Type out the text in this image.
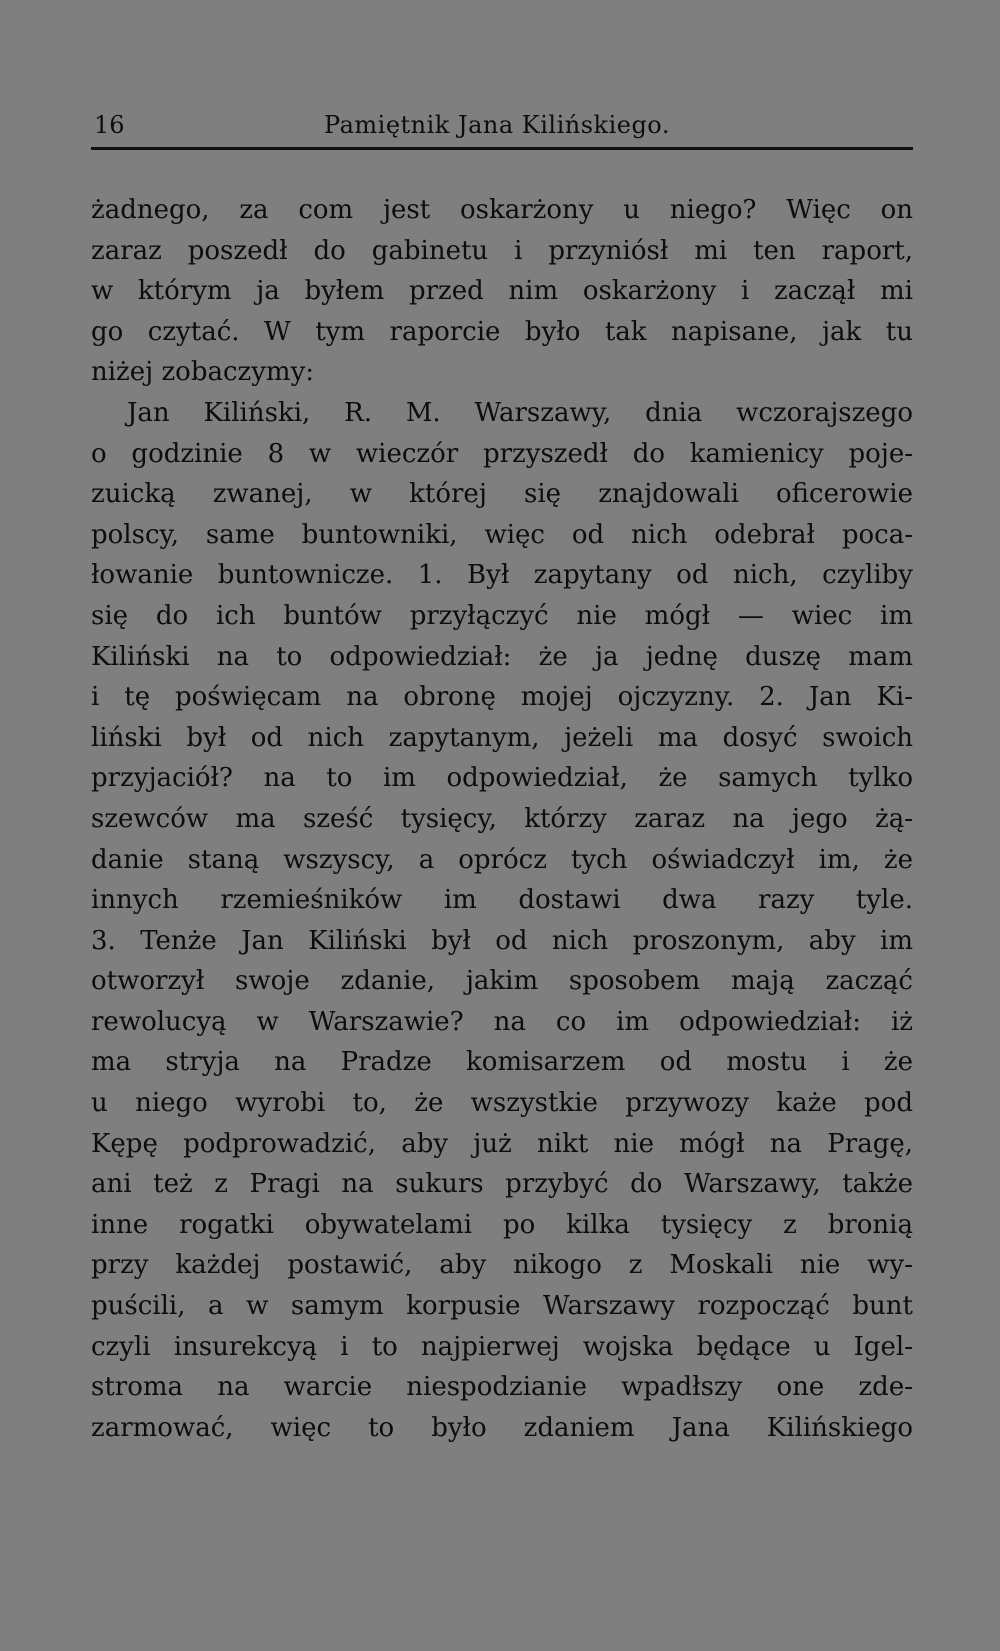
16	Pamiętnik Jana Kilińskiego.
żadnego, za com jest oskarżony u niego? Więc on
zaraz poszedł do gabinetu i przyniósł mi ten raport,
w którym ja byłem przed nim oskarżony i zaczął mi
go czytać. W tym raporcie było tak napisane, jak tu
niżej zobaczymy:
Jan Kiliński, R. M. Warszawy, dnia wczorajszego
o godzinie 8 w wieczór przyszedł do kamienicy poje-
zuicką zwanej, w której się znajdowali oficerowie
polscy, same buntowniki, więc od nich odebrał poca-
łowanie buntownicze. 1. Był zapytany od nich, czyliby
się do ich buntów przyłączyć nie mógł — wiec im
Kiliński na to odpowiedział: że ja jednę duszę mam
i tę poświęcam na obronę mojej ojczyzny. 2. Jan Ki-
liński był od nich zapytanym, jeżeli ma dosyć swoich
przyjaciół? na to im odpowiedział, że samych tylko
szewców ma sześć tysięcy, którzy zaraz na jego żą-
danie staną wszyscy, a oprócz tych oświadczył im, że
innych rzemieśników im dostawi dwa razy tyle.
3. Tenże Jan Kiliński był od nich proszonym, aby im
otworzył swoje zdanie, jakim sposobem mają zacząć
rewolucyą w Warszawie? na co im odpowiedział: iż
ma stryja na Pradze komisarzem od mostu i że
u niego wyrobi to, że wszystkie przywozy każe pod
Kępę podprowadzić, aby już nikt nie mógł na Pragę,
ani też z Pragi na sukurs przybyć do Warszawy, także
inne rogatki obywatelami po kilka tysięcy z bronią
przy każdej postawić, aby nikogo z Moskali nie wy-
puścili, a w samym korpusie Warszawy rozpocząć bunt
czyli insurekcyą i to najpierwej wojska będące u Igel-
stroma na warcie niespodzianie wpadłszy one zde-
zarmować, więc to było zdaniem Jana Kilińskiego
